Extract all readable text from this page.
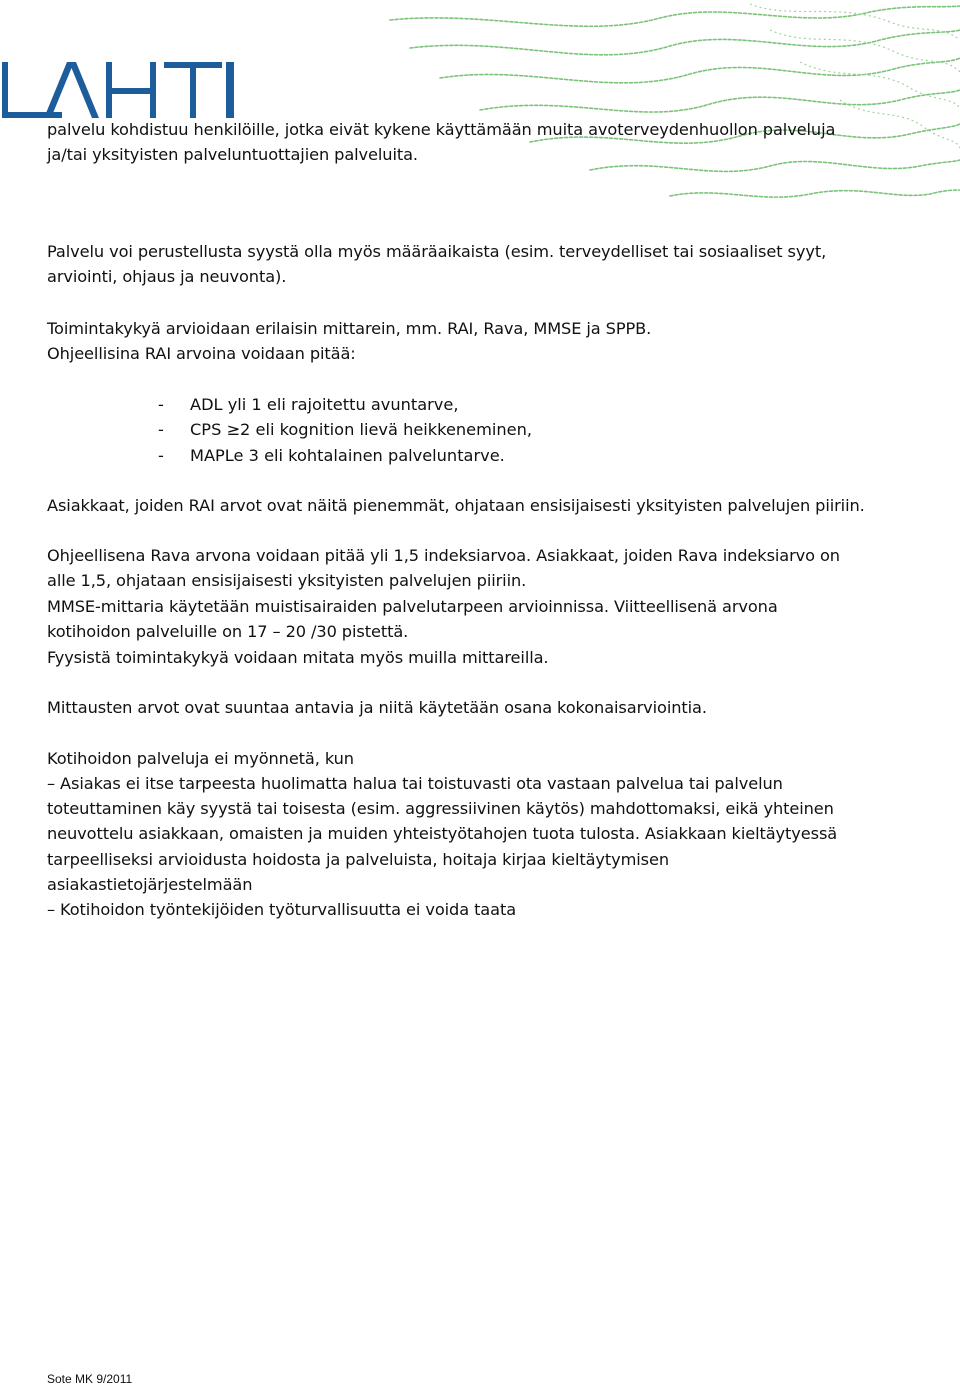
palvelu kohdistuu henkilöille, jotka eivät kykene käyttämään muita avoterveydenhuollon palveluja

ja/tai yksityisten palveluntuottajien palveluita.

Palvelu voi perustellusta syystä olla myös määräaikaista (esim. terveydelliset tai sosiaaliset syyt,

arviointi, ohjaus ja neuvonta).

Toimintakykyä arvioidaan erilaisin mittarein, mm. RAI, Rava, MMSE ja SPPB.

Ohjeellisina RAI arvoina voidaan pitää:

- ADL yli 1 eli rajoitettu avuntarve,
- CPS ≥2 eli kognition lievä heikkeneminen,
- MAPLe 3 eli kohtalainen palveluntarve.

Asiakkaat, joiden RAI arvot ovat näitä pienemmät, ohjataan ensisijaisesti yksityisten palvelujen piiriin.

Ohjeellisena Rava arvona voidaan pitää yli 1,5 indeksiarvoa. Asiakkaat, joiden Rava indeksiarvo on

alle 1,5, ohjataan ensisijaisesti yksityisten palvelujen piiriin.

MMSE-mittaria käytetään muistisairaiden palvelutarpeen arvioinnissa. Viitteellisenä arvona

kotihoidon palveluille on 17 – 20 /30 pistettä.

Fyysistä toimintakykyä voidaan mitata myös muilla mittareilla.

Mittausten arvot ovat suuntaa antavia ja niitä käytetään osana kokonaisarviointia.

Kotihoidon palveluja ei myönnetä, kun

– Asiakas ei itse tarpeesta huolimatta halua tai toistuvasti ota vastaan palvelua tai palvelun

toteuttaminen käy syystä tai toisesta (esim. aggressiivinen käytös) mahdottomaksi, eikä yhteinen

neuvottelu asiakkaan, omaisten ja muiden yhteistyötahojen tuota tulosta. Asiakkaan kieltäytyessä

tarpeelliseksi arvioidusta hoidosta ja palveluista, hoitaja kirjaa kieltäytymisen

asiakastietojärjestelmään

– Kotihoidon työntekijöiden työturvallisuutta ei voida taata

Sote MK 9/2011
